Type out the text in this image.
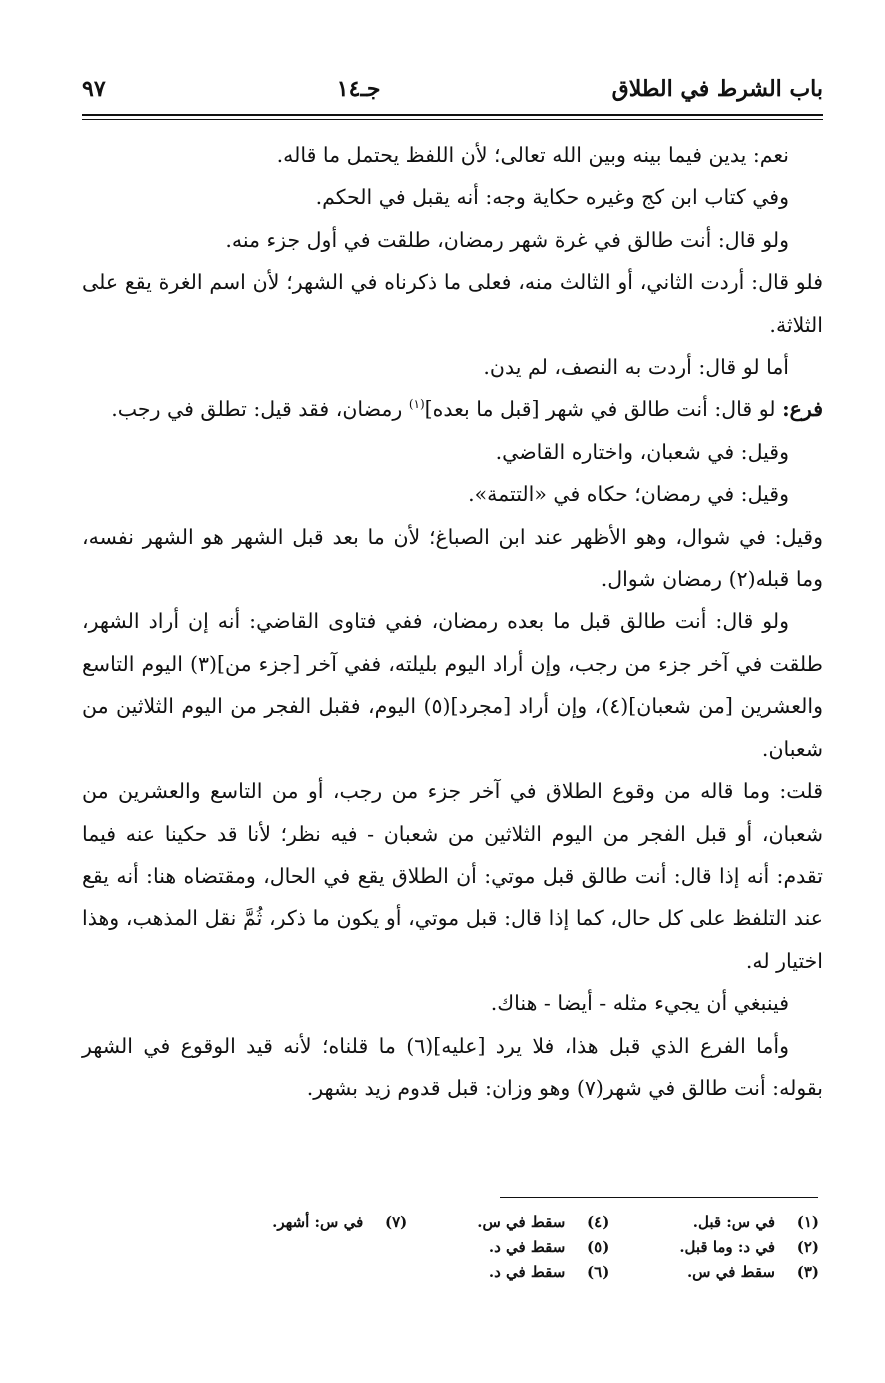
باب الشرط في الطلاق
جـ١٤
٩٧

نعم: يدين فيما بينه وبين الله تعالى؛ لأن اللفظ يحتمل ما قاله.

وفي كتاب ابن كج وغيره حكاية وجه: أنه يقبل في الحكم.

ولو قال: أنت طالق في غرة شهر رمضان، طلقت في أول جزء منه.

فلو قال: أردت الثاني، أو الثالث منه، فعلى ما ذكرناه في الشهر؛ لأن اسم الغرة يقع على الثلاثة.

أما لو قال: أردت به النصف، لم يدن.

فرع: لو قال: أنت طالق في شهر [قبل ما بعده]$^{(١)}$ رمضان، فقد قيل: تطلق في رجب.

وقيل: في شعبان، واختاره القاضي.

وقيل: في رمضان؛ حكاه في «التتمة».

وقيل: في شوال، وهو الأظهر عند ابن الصباغ؛ لأن ما بعد قبل الشهر هو الشهر نفسه، وما قبله(٢) رمضان شوال.

ولو قال: أنت طالق قبل ما بعده رمضان، ففي فتاوى القاضي: أنه إن أراد الشهر، طلقت في آخر جزء من رجب، وإن أراد اليوم بليلته، ففي آخر [جزء من](٣) اليوم التاسع والعشرين [من شعبان](٤)، وإن أراد [مجرد](٥) اليوم، فقبل الفجر من اليوم الثلاثين من شعبان.

قلت: وما قاله من وقوع الطلاق في آخر جزء من رجب، أو من التاسع والعشرين من شعبان، أو قبل الفجر من اليوم الثلاثين من شعبان - فيه نظر؛ لأنا قد حكينا عنه فيما تقدم: أنه إذا قال: أنت طالق قبل موتي: أن الطلاق يقع في الحال، ومقتضاه هنا: أنه يقع عند التلفظ على كل حال، كما إذا قال: قبل موتي، أو يكون ما ذكر، ثُمَّ نقل المذهب، وهذا اختيار له.

فينبغي أن يجيء مثله - أيضا - هناك.

وأما الفرع الذي قبل هذا، فلا يرد [عليه](٦) ما قلناه؛ لأنه قيد الوقوع في الشهر بقوله: أنت طالق في شهر(٧) وهو وزان: قبل قدوم زيد بشهر.

(١)في س: قبل.
(٢)في د: وما قبل.
(٣)سقط في س.
(٤)سقط في س.
(٥)سقط في د.
(٦)سقط في د.
(٧)في س: أشهر.
